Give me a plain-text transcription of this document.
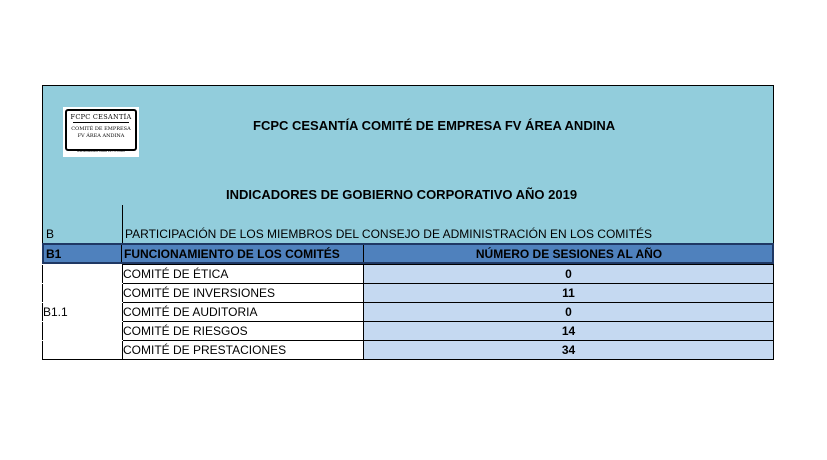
FCPC CESANTÍA
COMITÉ DE EMPRESA
FV ÁREA ANDINA
ASEGURANDO PARA EL FUTURO
FCPC CESANTÍA COMITÉ DE EMPRESA FV ÁREA ANDINA
INDICADORES DE GOBIERNO CORPORATIVO AÑO 2019
B	PARTICIPACIÓN DE LOS MIEMBROS DEL CONSEJO DE ADMINISTRACIÓN EN LOS COMITÉS
B1	FUNCIONAMIENTO DE LOS COMITÉS	NÚMERO DE SESIONES AL AÑO
	COMITÉ DE ÉTICA	0
	COMITÉ DE INVERSIONES	11
B1.1	COMITÉ DE AUDITORIA	0
	COMITÉ DE RIESGOS	14
	COMITÉ DE PRESTACIONES	34
